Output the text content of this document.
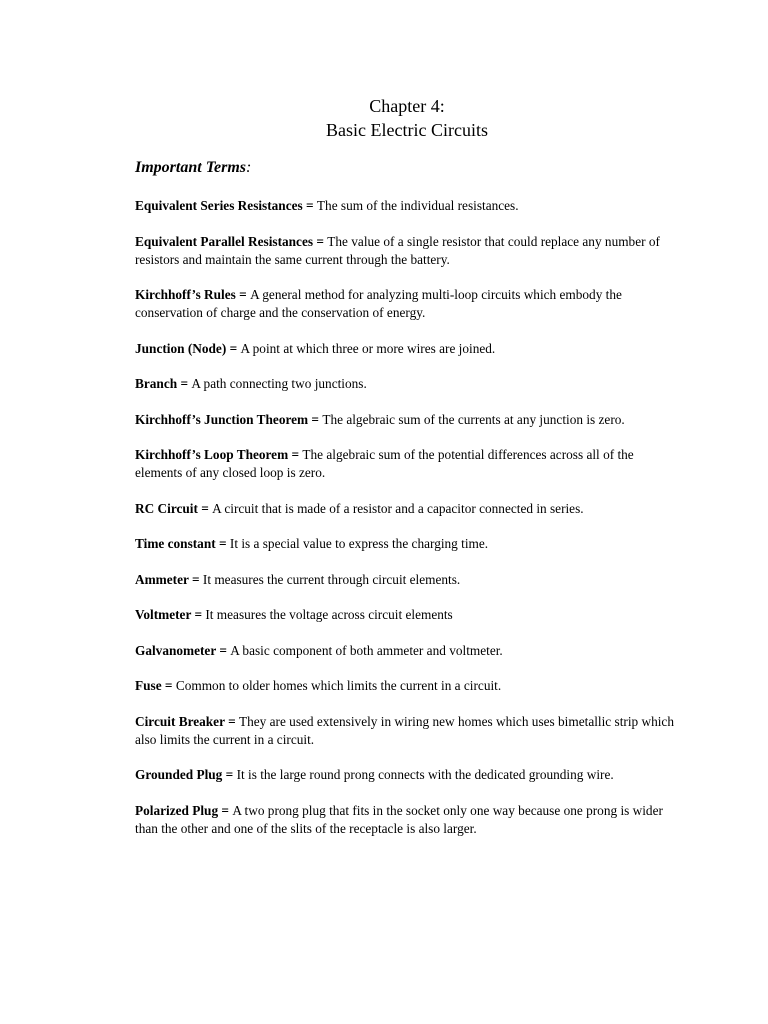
Chapter 4:
Basic Electric Circuits
Important Terms:
Equivalent Series Resistances = The sum of the individual resistances.
Equivalent Parallel Resistances = The value of a single resistor that could replace any number of resistors and maintain the same current through the battery.
Kirchhoff’s Rules = A general method for analyzing multi-loop circuits which embody the conservation of charge and the conservation of energy.
Junction (Node) = A point at which three or more wires are joined.
Branch = A path connecting two junctions.
Kirchhoff’s Junction Theorem = The algebraic sum of the currents at any junction is zero.
Kirchhoff’s Loop Theorem = The algebraic sum of the potential differences across all of the elements of any closed loop is zero.
RC Circuit = A circuit that is made of a resistor and a capacitor connected in series.
Time constant = It is a special value to express the charging time.
Ammeter = It measures the current through circuit elements.
Voltmeter = It measures the voltage across circuit elements
Galvanometer = A basic component of both ammeter and voltmeter.
Fuse = Common to older homes which limits the current in a circuit.
Circuit Breaker = They are used extensively in wiring new homes which uses bimetallic strip which also limits the current in a circuit.
Grounded Plug = It is the large round prong connects with the dedicated grounding wire.
Polarized Plug = A two prong plug that fits in the socket only one way because one prong is wider than the other and one of the slits of the receptacle is also larger.
